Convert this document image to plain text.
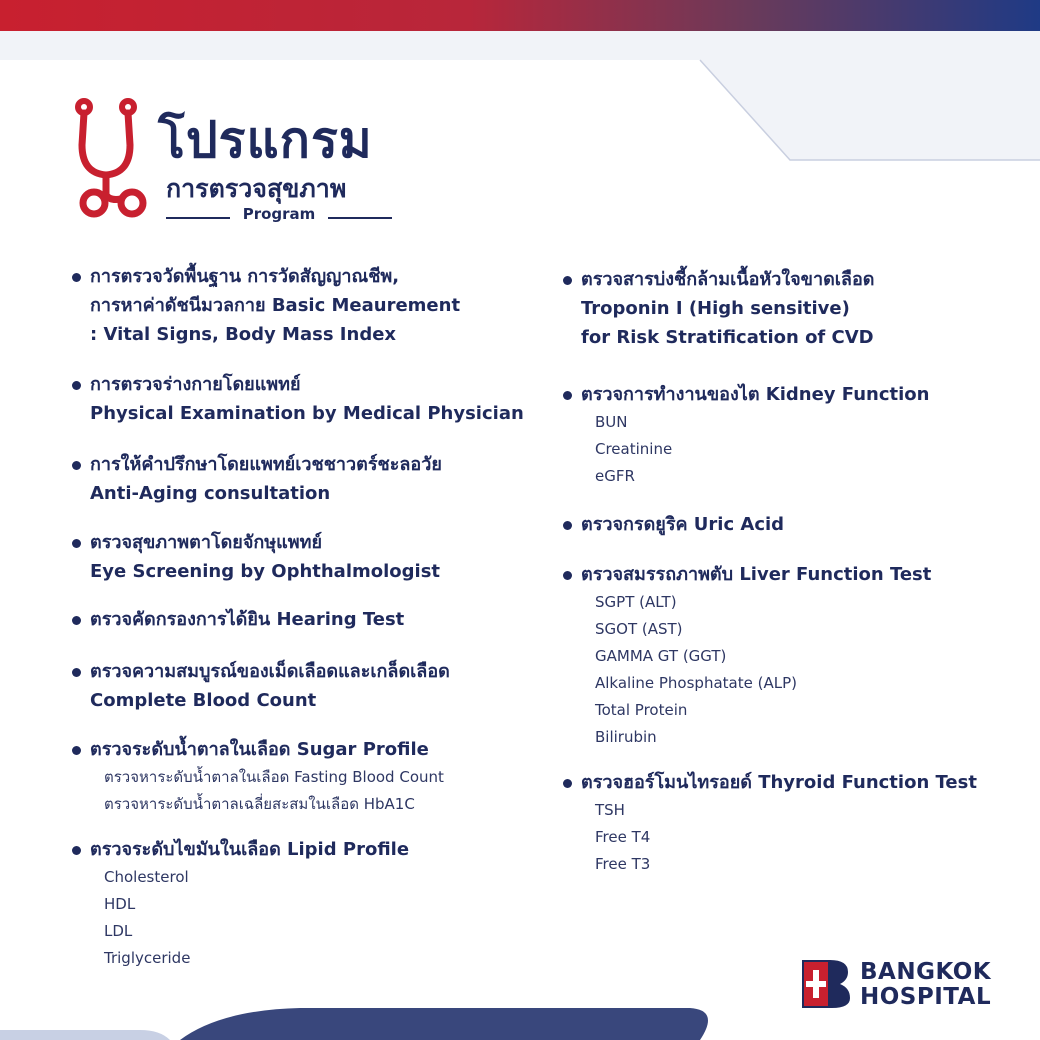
โปรแกรม
การตรวจสุขภาพ
Program
การตรวจวัดพื้นฐาน การวัดสัญญาณชีพ,
การหาค่าดัชนีมวลกาย Basic Meaurement
: Vital Signs, Body Mass Index
การตรวจร่างกายโดยแพทย์
Physical Examination by Medical Physician
การให้คำปรึกษาโดยแพทย์เวชชาวตร์ชะลอวัย
Anti-Aging consultation
ตรวจสุขภาพตาโดยจักษุแพทย์
Eye Screening by Ophthalmologist
ตรวจคัดกรองการได้ยิน Hearing Test
ตรวจความสมบูรณ์ของเม็ดเลือดและเกล็ดเลือด
Complete Blood Count
ตรวจระดับน้ำตาลในเลือด Sugar Profile
ตรวจหาระดับน้ำตาลในเลือด Fasting Blood Count
ตรวจหาระดับน้ำตาลเฉลี่ยสะสมในเลือด HbA1C
ตรวจระดับไขมันในเลือด Lipid Profile
Cholesterol
HDL
LDL
Triglyceride
ตรวจสารบ่งชี้กล้ามเนื้อหัวใจขาดเลือด
Troponin I (High sensitive)
for Risk Stratification of CVD
ตรวจการทำงานของไต Kidney Function
BUN
Creatinine
eGFR
ตรวจกรดยูริค Uric Acid
ตรวจสมรรถภาพตับ Liver Function Test
SGPT (ALT)
SGOT (AST)
GAMMA GT (GGT)
Alkaline Phosphatate (ALP)
Total Protein
Bilirubin
ตรวจฮอร์โมนไทรอยด์ Thyroid Function Test
TSH
Free T4
Free T3
BANGKOK
HOSPITAL
